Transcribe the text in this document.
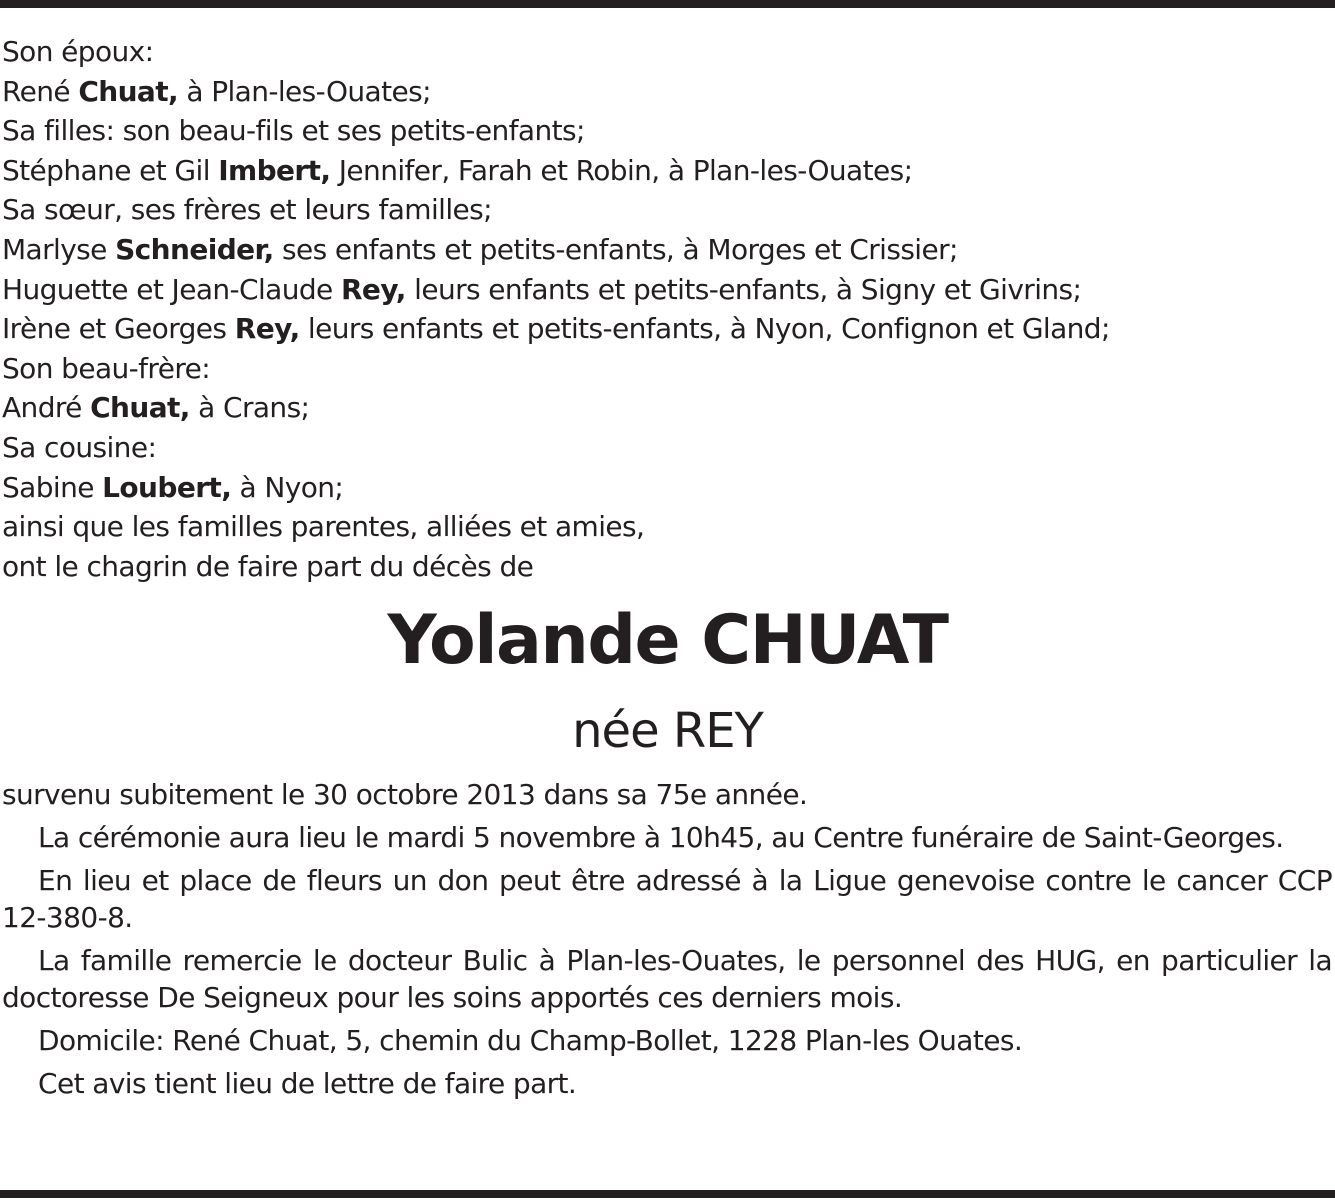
Son époux:
René Chuat, à Plan-les-Ouates;
Sa filles: son beau-fils et ses petits-enfants;
Stéphane et Gil Imbert, Jennifer, Farah et Robin, à Plan-les-Ouates;
Sa sœur, ses frères et leurs familles;
Marlyse Schneider, ses enfants et petits-enfants, à Morges et Crissier;
Huguette et Jean-Claude Rey, leurs enfants et petits-enfants, à Signy et Givrins;
Irène et Georges Rey, leurs enfants et petits-enfants, à Nyon, Confignon et Gland;
Son beau-frère:
André Chuat, à Crans;
Sa cousine:
Sabine Loubert, à Nyon;
ainsi que les familles parentes, alliées et amies,
ont le chagrin de faire part du décès de
Yolande CHUAT
née REY

survenu subitement le 30 octobre 2013 dans sa 75e année.

La cérémonie aura lieu le mardi 5 novembre à 10h45, au Centre funéraire de Saint-Georges.

En lieu et place de fleurs un don peut être adressé à la Ligue genevoise contre le cancer CCP 12-380-8.

La famille remercie le docteur Bulic à Plan-les-Ouates, le personnel des HUG, en particulier la doctoresse De Seigneux pour les soins apportés ces derniers mois.

Domicile: René Chuat, 5, chemin du Champ-Bollet, 1228 Plan-les Ouates.

Cet avis tient lieu de lettre de faire part.
